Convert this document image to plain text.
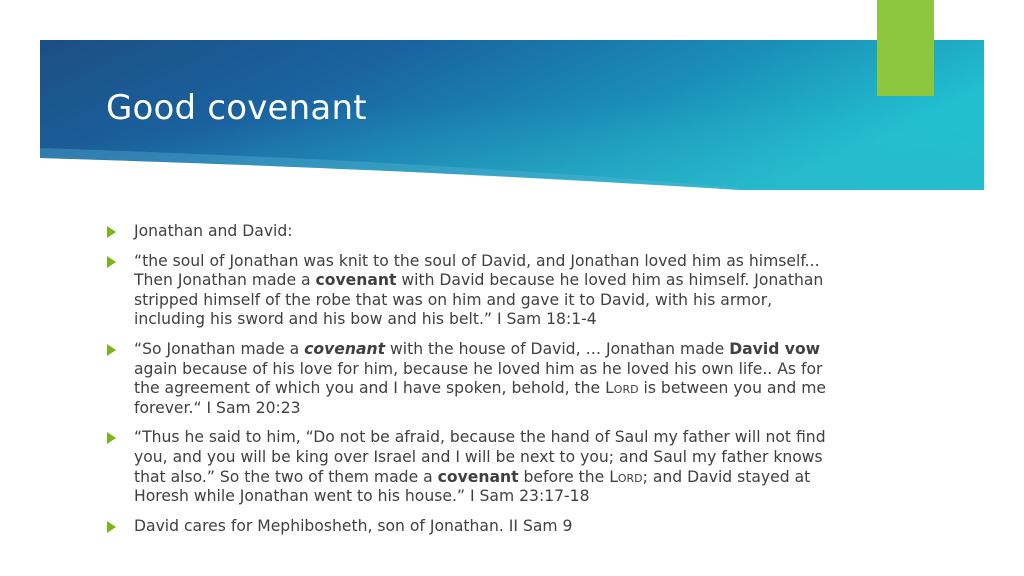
Good covenant
Jonathan and David:
“the soul of Jonathan was knit to the soul of David, and Jonathan loved him as himself... Then Jonathan made a covenant with David because he loved him as himself. Jonathan stripped himself of the robe that was on him and gave it to David, with his armor, including his sword and his bow and his belt.” I Sam 18:1-4
“So Jonathan made a covenant with the house of David, … Jonathan made David vow again because of his love for him, because he loved him as he loved his own life.. As for the agreement of which you and I have spoken, behold, the Lord is between you and me forever.“ I Sam 20:23
“Thus he said to him, “Do not be afraid, because the hand of Saul my father will not find you, and you will be king over Israel and I will be next to you; and Saul my father knows that also.” So the two of them made a covenant before the Lord; and David stayed at Horesh while Jonathan went to his house.” I Sam 23:17-18
David cares for Mephibosheth, son of Jonathan. II Sam 9
